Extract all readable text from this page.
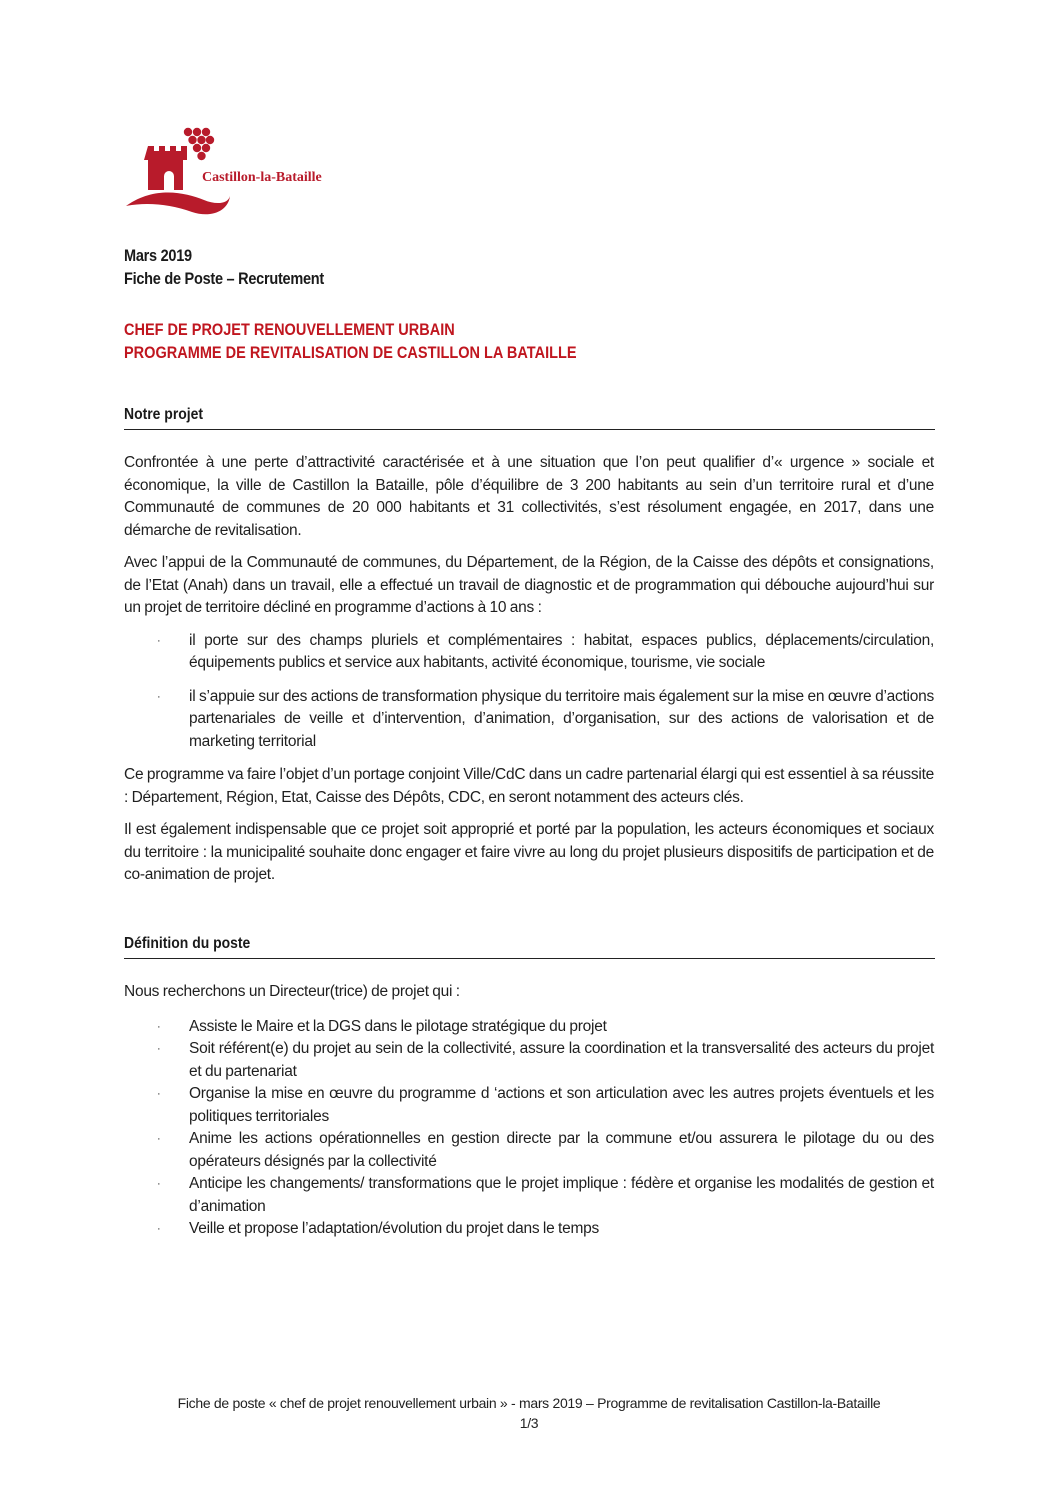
Castillon-la-Bataille
Mars 2019
Fiche de Poste – Recrutement
CHEF DE PROJET RENOUVELLEMENT URBAIN
PROGRAMME DE REVITALISATION DE CASTILLON LA BATAILLE
Notre projet

Confrontée à une perte d’attractivité caractérisée et à une situation que l’on peut qualifier d’« urgence » sociale et économique, la ville de Castillon la Bataille, pôle d’équilibre de 3 200 habitants au sein d’un territoire rural et d’une Communauté de communes de 20 000 habitants et 31 collectivités, s’est résolument engagée, en 2017, dans une démarche de revitalisation.

Avec l’appui de la Communauté de communes, du Département, de la Région, de la Caisse des dépôts et consignations, de l’Etat (Anah) dans un travail, elle a effectué un travail de diagnostic et de programmation qui débouche aujourd’hui sur un projet de territoire décliné en programme d’actions à 10 ans :

· il porte sur des champs pluriels et complémentaires : habitat, espaces publics, déplacements/circulation, équipements publics et service aux habitants, activité économique, tourisme, vie sociale
· il s’appuie sur des actions de transformation physique du territoire mais également sur la mise en œuvre d’actions partenariales de veille et d’intervention, d’animation, d’organisation, sur des actions de valorisation et de marketing territorial

Ce programme va faire l’objet d’un portage conjoint Ville/CdC dans un cadre partenarial élargi qui est essentiel à sa réussite : Département, Région, Etat, Caisse des Dépôts, CDC, en seront notamment des acteurs clés.

Il est également indispensable que ce projet soit approprié et porté par la population, les acteurs économiques et sociaux du territoire : la municipalité souhaite donc engager et faire vivre au long du projet plusieurs dispositifs de participation et de co-animation de projet.

Définition du poste

Nous recherchons un Directeur(trice) de projet qui :

· Assiste le Maire et la DGS dans le pilotage stratégique du projet
· Soit référent(e) du projet au sein de la collectivité, assure la coordination et la transversalité des acteurs du projet et du partenariat
· Organise la mise en œuvre du programme d ‘actions et son articulation avec les autres projets éventuels et les politiques territoriales
· Anime les actions opérationnelles en gestion directe par la commune et/ou assurera le pilotage du ou des opérateurs désignés par la collectivité
· Anticipe les changements/ transformations que le projet implique : fédère et organise les modalités de gestion et d’animation
· Veille et propose l’adaptation/évolution du projet dans le temps
Fiche de poste « chef de projet renouvellement urbain » - mars 2019 – Programme de revitalisation Castillon-la-Bataille
1/3
